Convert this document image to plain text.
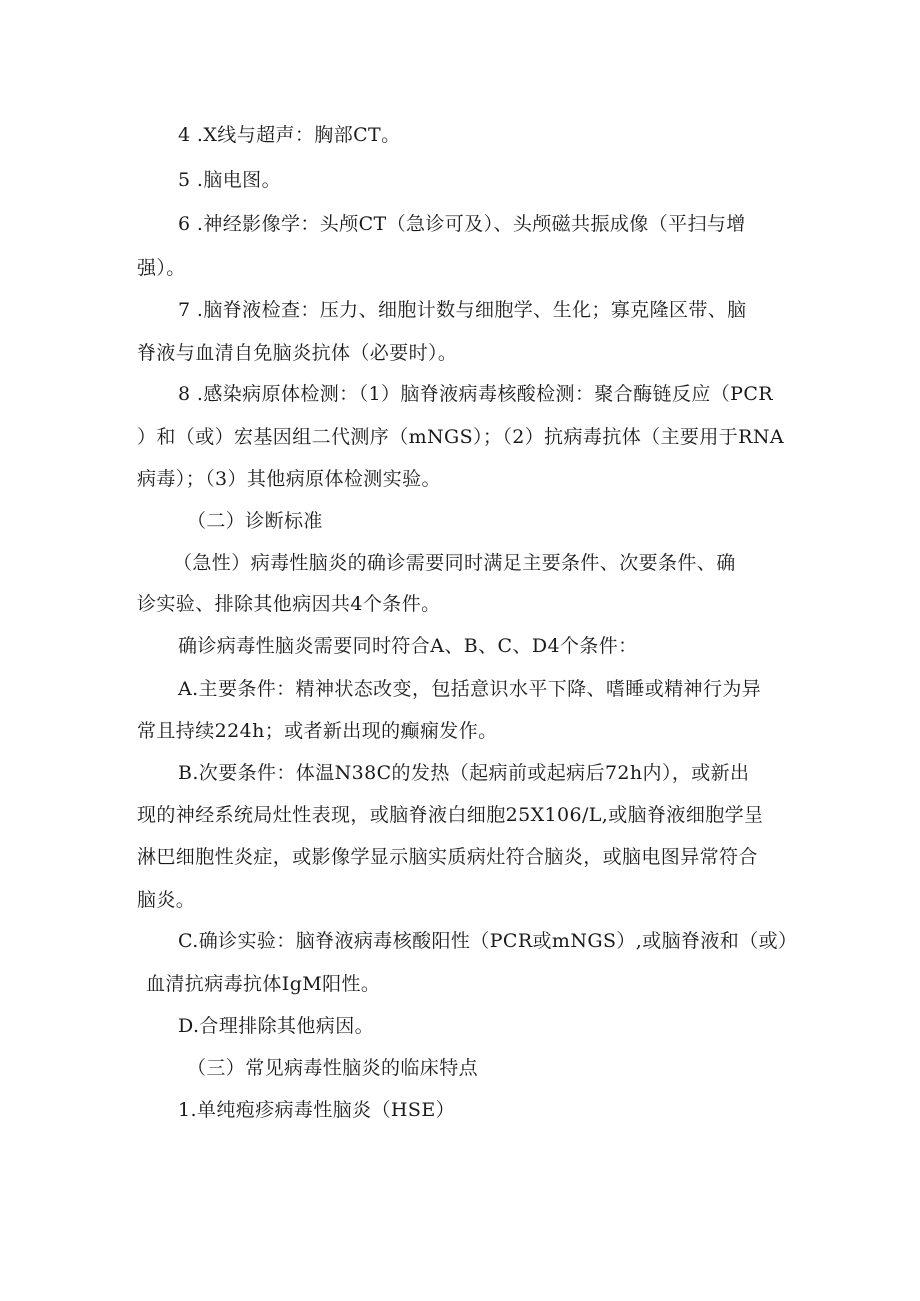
4 .X线与超声：胸部CT。
5 .脑电图。
6 .神经影像学：头颅CT（急诊可及）、头颅磁共振成像（平扫与增
强）。
7 .脑脊液检查：压力、细胞计数与细胞学、生化；寡克隆区带、脑
脊液与血清自免脑炎抗体（必要时）。
8 .感染病原体检测：（1）脑脊液病毒核酸检测：聚合酶链反应（PCR
）和（或）宏基因组二代测序（mNGS）；（2）抗病毒抗体（主要用于RNA
病毒）；（3）其他病原体检测实验。
（二）诊断标准
（急性）病毒性脑炎的确诊需要同时满足主要条件、次要条件、确
诊实验、排除其他病因共4个条件。
确诊病毒性脑炎需要同时符合A、B、C、D4个条件：
A.主要条件：精神状态改变，包括意识水平下降、嗜睡或精神行为异
常且持续224h；或者新出现的癫痫发作。
B.次要条件：体温N38C的发热（起病前或起病后72h内），或新出
现的神经系统局灶性表现，或脑脊液白细胞25X106/L,或脑脊液细胞学呈
淋巴细胞性炎症，或影像学显示脑实质病灶符合脑炎，或脑电图异常符合
脑炎。
C.确诊实验：脑脊液病毒核酸阳性（PCR或mNGS）,或脑脊液和（或）
血清抗病毒抗体IgM阳性。
D.合理排除其他病因。
（三）常见病毒性脑炎的临床特点
1.单纯疱疹病毒性脑炎（HSE）
